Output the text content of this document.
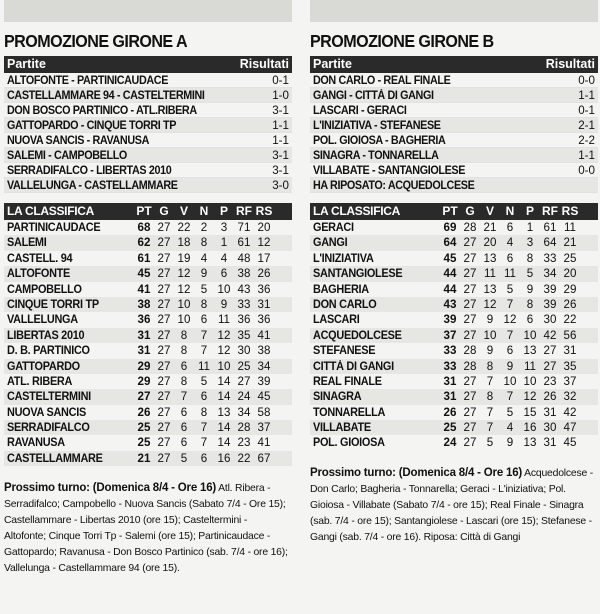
PROMOZIONE GIRONE A
Partite	Risultati
ALTOFONTE - PARTINICAUDACE	0-1
CASTELLAMMARE 94 - CASTELTERMINI	1-0
DON BOSCO PARTINICO - ATL.RIBERA	3-1
GATTOPARDO - CINQUE TORRI TP	1-1
NUOVA SANCIS - RAVANUSA	1-1
SALEMI - CAMPOBELLO	3-1
SERRADIFALCO - LIBERTAS 2010	3-1
VALLELUNGA - CASTELLAMMARE	3-0
LA CLASSIFICA	PT G V N P RF RS
PARTINICAUDACE	68 27 22 2	3 71 20
SALEMI	62 27 18 8	1 61 12
CASTELL. 94	61 27 19 4	4 48 17
ALTOFONTE	45 27 12 9	6 38 26
CAMPOBELLO	41 27 12 5 10 43 36
CINQUE TORRI TP	38 27 10 8	9 33 31
VALLELUNGA	36 27 10 6 11 36 36
LIBERTAS 2010	31 27 8	7 12 35 41
D. B. PARTINICO	31 27 8	7 12 30 38
GATTOPARDO	29 27 6 11 10 25 34
ATL. RIBERA	29 27 8	5 14 27 39
CASTELTERMINI	27 27 7	6 14 24 45
NUOVA SANCIS	26 27 6	8 13 34 58
SERRADIFALCO	25 27 6	7 14 28 37
RAVANUSA	25 27 6	7 14 23 41
CASTELLAMMARE	21 27 5	6 16 22 67
Prossimo turno: (Domenica 8/4 - Ore 16) Atl. Ribera - Serradifalco; Campobello - Nuova Sancis (Sabato 7/4 - Ore 15); Castellammare - Libertas 2010 (ore 15); Casteltermini - Altofonte; Cinque Torri Tp - Salemi (ore 15); Partinicaudace - Gattopardo; Ravanusa - Don Bosco Partinico (sab. 7/4 - ore 16); Vallelunga - Castellammare 94 (ore 15).
PROMOZIONE GIRONE B
Partite	Risultati
DON CARLO - REAL FINALE	0-0
GANGI - CITTÀ DI GANGI	1-1
LASCARI - GERACI	0-1
L'INIZIATIVA - STEFANESE	2-1
POL. GIOIOSA - BAGHERIA	2-2
SINAGRA - TONNARELLA	1-1
VILLABATE - SANTANGIOLESE	0-0
HA RIPOSATO: ACQUEDOLCESE
LA CLASSIFICA	PT G V N P RF RS
GERACI	69 28 21 6	1 61 11
GANGI	64 27 20 4	3 64 21
L'INIZIATIVA	45 27 13 6	8 33 25
SANTANGIOLESE	44 27 11 11 5 34 20
BAGHERIA	44 27 13 5	9 39 29
DON CARLO	43 27 12 7	8 39 26
LASCARI	39 27 9 12 6 30 22
ACQUEDOLCESE	37 27 10 7 10 42 56
STEFANESE	33 28 9	6 13 27 31
CITTÀ DI GANGI	33 28 8	9 11 27 35
REAL FINALE	31 27 7 10 10 23 37
SINAGRA	31 27 8	7 12 26 32
TONNARELLA	26 27 7	5 15 31 42
VILLABATE	25 27 7	4 16 30 47
POL. GIOIOSA	24 27 5	9 13 31 45
Prossimo turno: (Domenica 8/4 - Ore 16) Acquedolcese - Don Carlo; Bagheria - Tonnarella; Geraci - L'iniziativa; Pol. Gioiosa - Villabate (Sabato 7/4 - ore 15); Real Finale - Sinagra (sab. 7/4 - ore 15); Santangiolese - Lascari (ore 15); Stefanese - Gangi (sab. 7/4 - ore 16). Riposa: Città di Gangi
